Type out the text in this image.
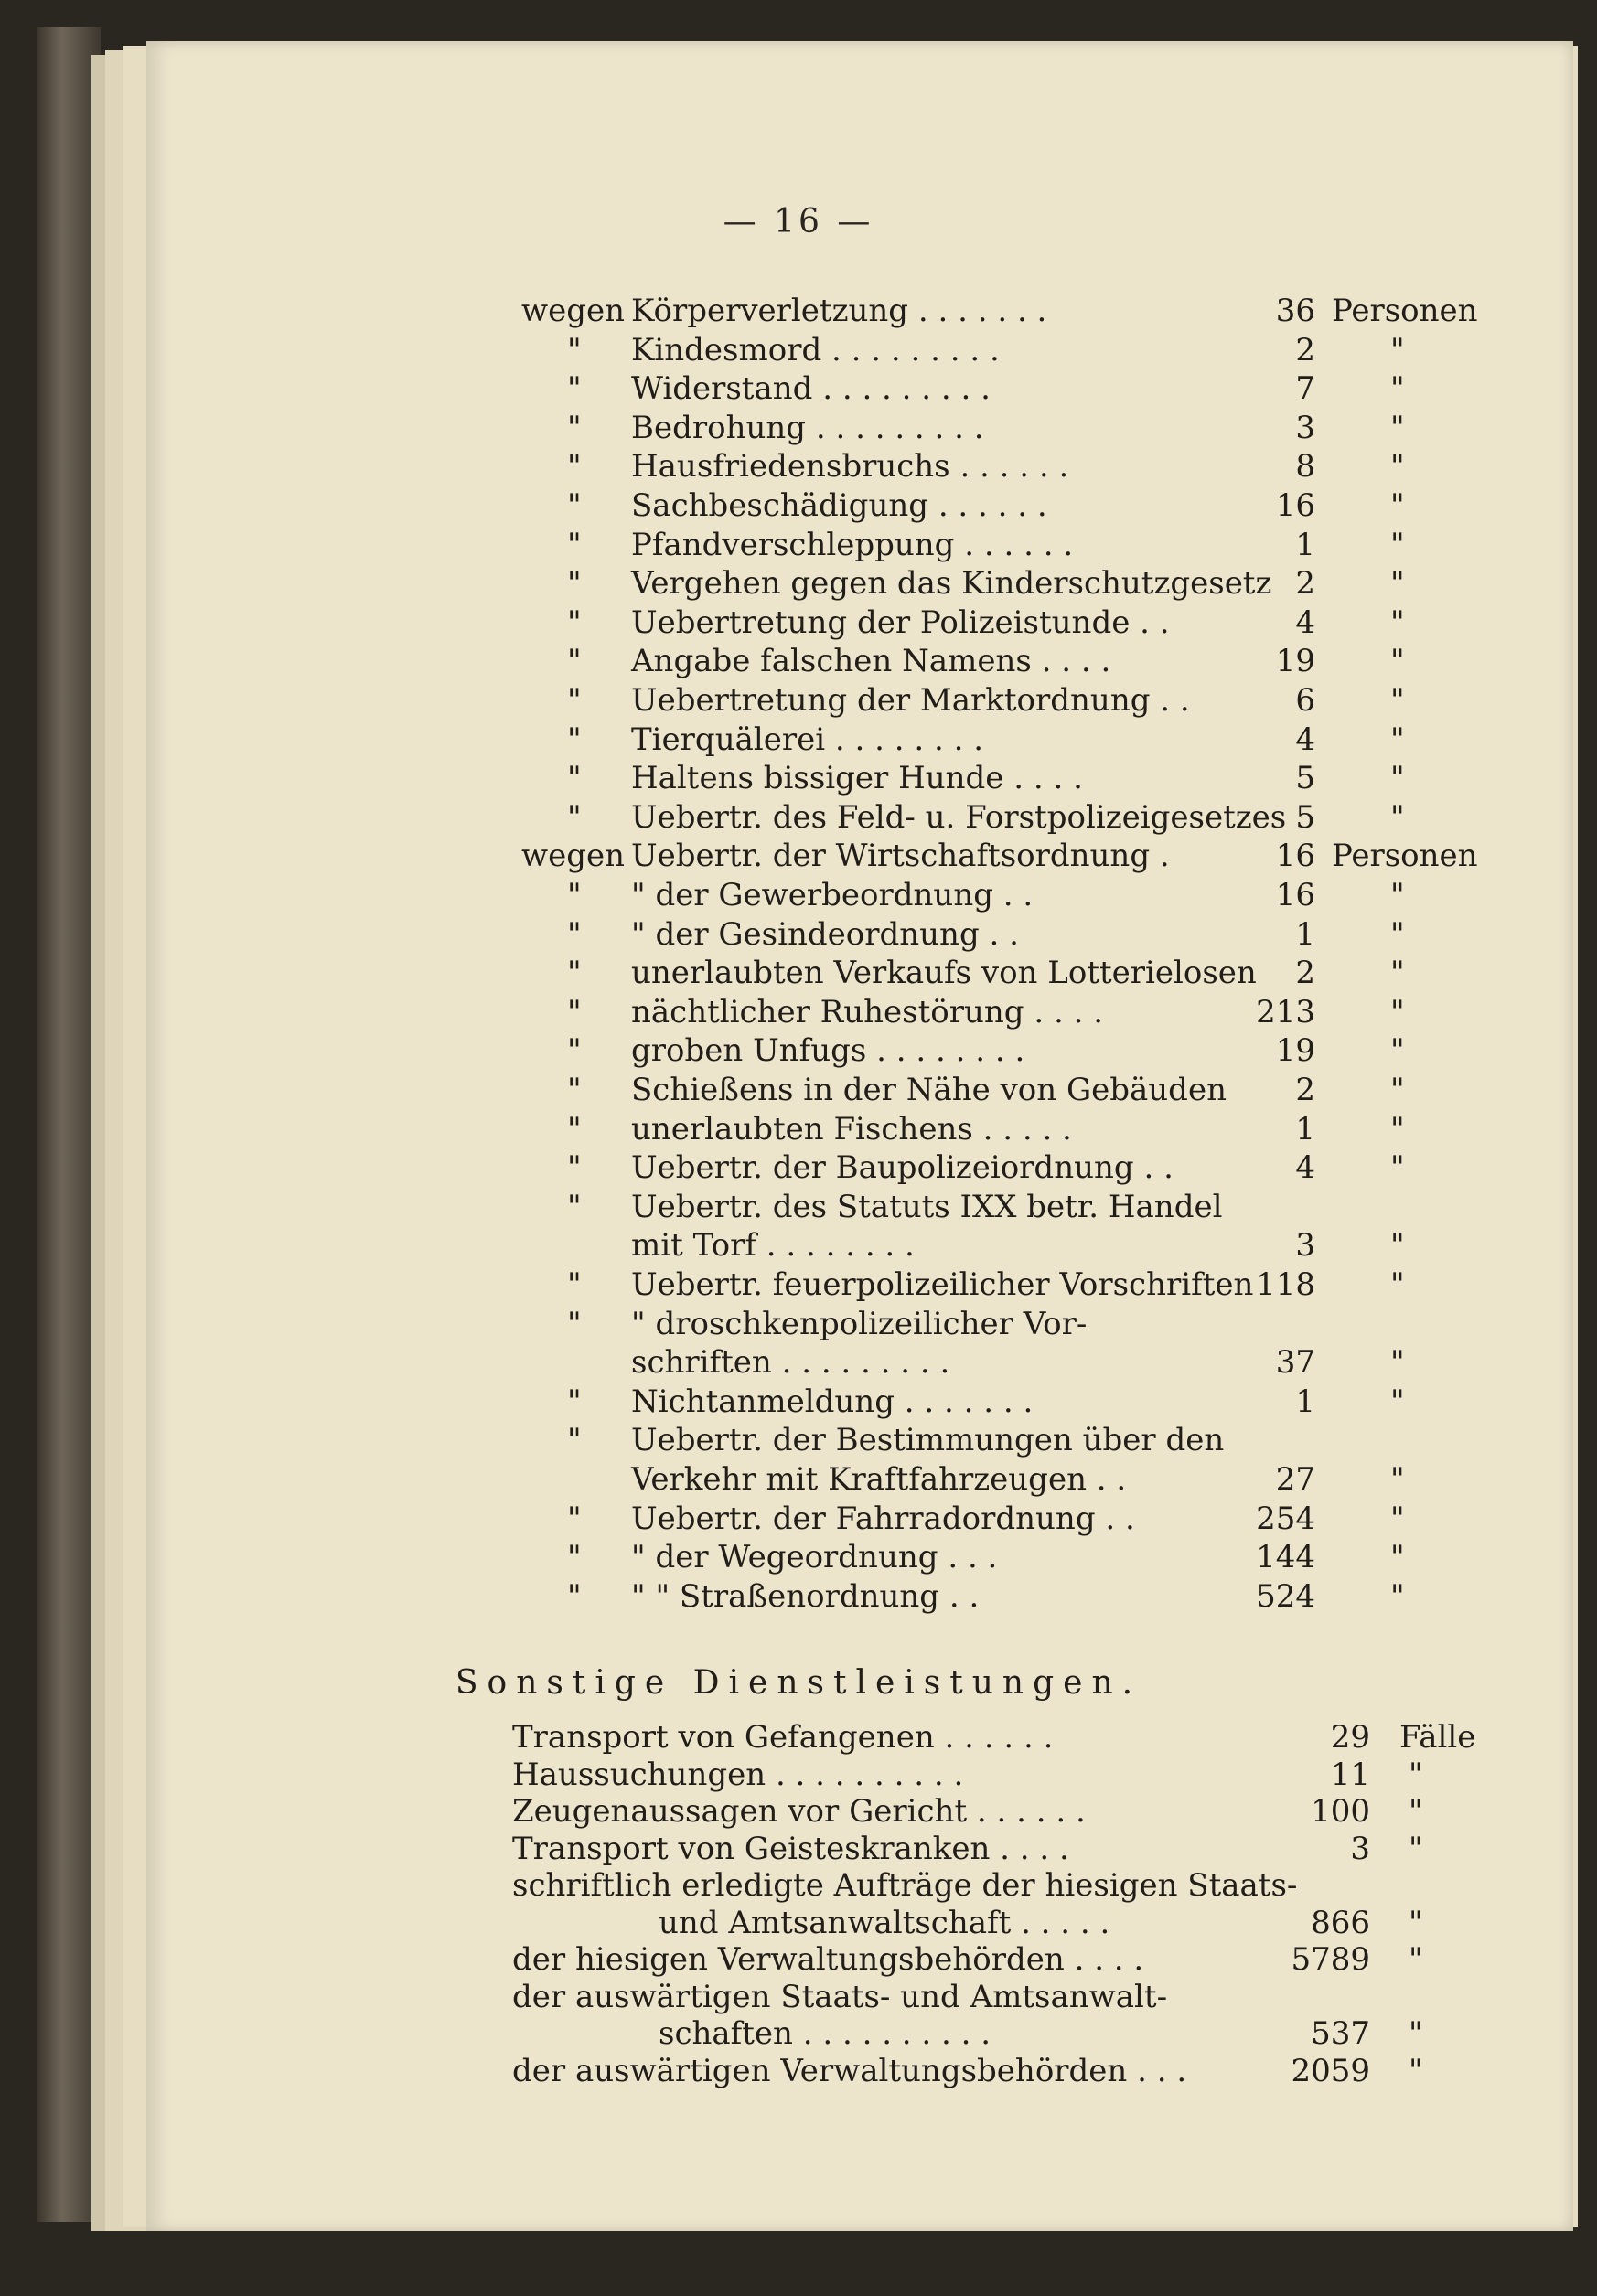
— 16 —
wegen Körperverletzung . . . . . . .	36 Personen
" Kindesmord . . . . . . . . .	2 "
" Widerstand . . . . . . . . .	7 "
" Bedrohung . . . . . . . . .	3 "
" Hausfriedensbruchs . . . . . .	8 "
" Sachbeschädigung . . . . . .	16 "
" Pfandverschleppung . . . . . .	1 "
" Vergehen gegen das Kinderschutzgesetz 2 "
" Uebertretung der Polizeistunde . .	4 "
" Angabe falschen Namens . . . .	19 "
" Uebertretung der Marktordnung . .	6 "
" Tierquälerei . . . . . . . .	4 "
" Haltens bissiger Hunde . . . .	5 "
" Uebertr. des Feld- u. Forstpolizeigesetzes 5 "
wegen Uebertr. der Wirtschaftsordnung .	16 Personen
" " der Gewerbeordnung . .	16 "
" " der Gesindeordnung . .	1 "
" unerlaubten Verkaufs von Lotterielosen	2 "
" nächtlicher Ruhestörung . . . .	213 "
" groben Unfugs . . . . . . . .	19 "
" Schießens in der Nähe von Gebäuden	2 "
" unerlaubten Fischens . . . . .	1 "
" Uebertr. der Baupolizeiordnung . .	4 "
" Uebertr. des Statuts IXX betr. Handel
mit Torf . . . . . . . .	3 "
" Uebertr. feuerpolizeilicher Vorschriften 118 "
" " droschkenpolizeilicher Vor-
schriften . . . . . . . . .	37 "
" Nichtanmeldung . . . . . . .	1 "
" Uebertr. der Bestimmungen über den
Verkehr mit Kraftfahrzeugen . .	27 "
" Uebertr. der Fahrradordnung . .	254 "
" " der Wegeordnung . . .	144 "
" " " Straßenordnung . .	524 "
Sonstige Dienstleistungen.
Transport von Gefangenen . . . . . .	29 Fälle
Haussuchungen . . . . . . . . . .	11 "
Zeugenaussagen vor Gericht . . . . . .	100 "
Transport von Geisteskranken . . . .	3 "
schriftlich erledigte Aufträge der hiesigen Staats-
und Amtsanwaltschaft . . . . .	866 "
der hiesigen Verwaltungsbehörden . . . .	5789 "
der auswärtigen Staats- und Amtsanwalt-
schaften . . . . . . . . . .	537 "
der auswärtigen Verwaltungsbehörden . . .	2059 "
